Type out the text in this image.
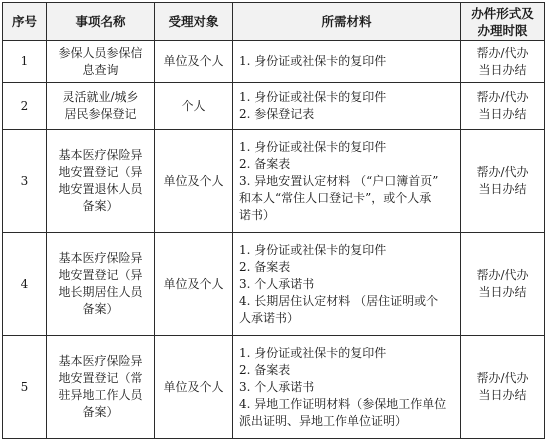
序号	事项名称	受理对象	所需材料	办件形式及
办理时限

1	参保人员参保信
息查询	单位及个人	1. 身份证或社保卡的复印件	帮办/代办
当日办结

2	灵活就业/城乡
居民参保登记	个人	1. 身份证或社保卡的复印件
2. 参保登记表	帮办/代办
当日办结

3	基本医疗保险异
地安置登记（异
地安置退休人员
备案）	单位及个人	1. 身份证或社保卡的复印件
2. 备案表
3. 异地安置认定材料 （“户口簿首页”
和本人“常住人口登记卡”，或个人承
诺书）	帮办/代办
当日办结

4	基本医疗保险异
地安置登记（异
地长期居住人员
备案）	单位及个人	1. 身份证或社保卡的复印件
2. 备案表
3. 个人承诺书
4. 长期居住认定材料 （居住证明或个
人承诺书）	帮办/代办
当日办结

5	基本医疗保险异
地安置登记（常
驻异地工作人员
备案）	单位及个人	1. 身份证或社保卡的复印件
2. 备案表
3. 个人承诺书
4. 异地工作证明材料（参保地工作单位
派出证明、异地工作单位证明）	帮办/代办
当日办结
